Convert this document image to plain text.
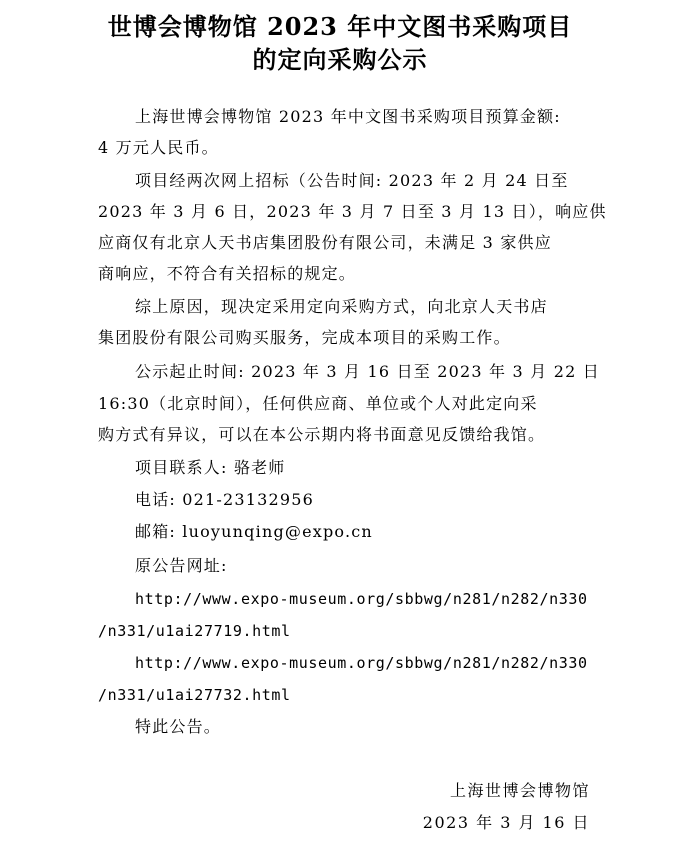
世博会博物馆 2023 年中文图书采购项目
的定向采购公示
上海世博会博物馆 2023 年中文图书采购项目预算金额:
4 万元人民币。
项目经两次网上招标（公告时间: 2023 年 2 月 24 日至
2023 年 3 月 6 日，2023 年 3 月 7 日至 3 月 13 日），响应供
应商仅有北京人天书店集团股份有限公司，未满足 3 家供应
商响应，不符合有关招标的规定。
综上原因，现决定采用定向采购方式，向北京人天书店
集团股份有限公司购买服务，完成本项目的采购工作。
公示起止时间: 2023 年 3 月 16 日至 2023 年 3 月 22 日
16:30（北京时间），任何供应商、单位或个人对此定向采
购方式有异议，可以在本公示期内将书面意见反馈给我馆。
项目联系人: 骆老师
电话: 021-23132956
邮箱: luoyunqing@expo.cn
原公告网址:
http://www.expo-museum.org/sbbwg/n281/n282/n330
/n331/u1ai27719.html
http://www.expo-museum.org/sbbwg/n281/n282/n330
/n331/u1ai27732.html
特此公告。
上海世博会博物馆
2023 年 3 月 16 日
